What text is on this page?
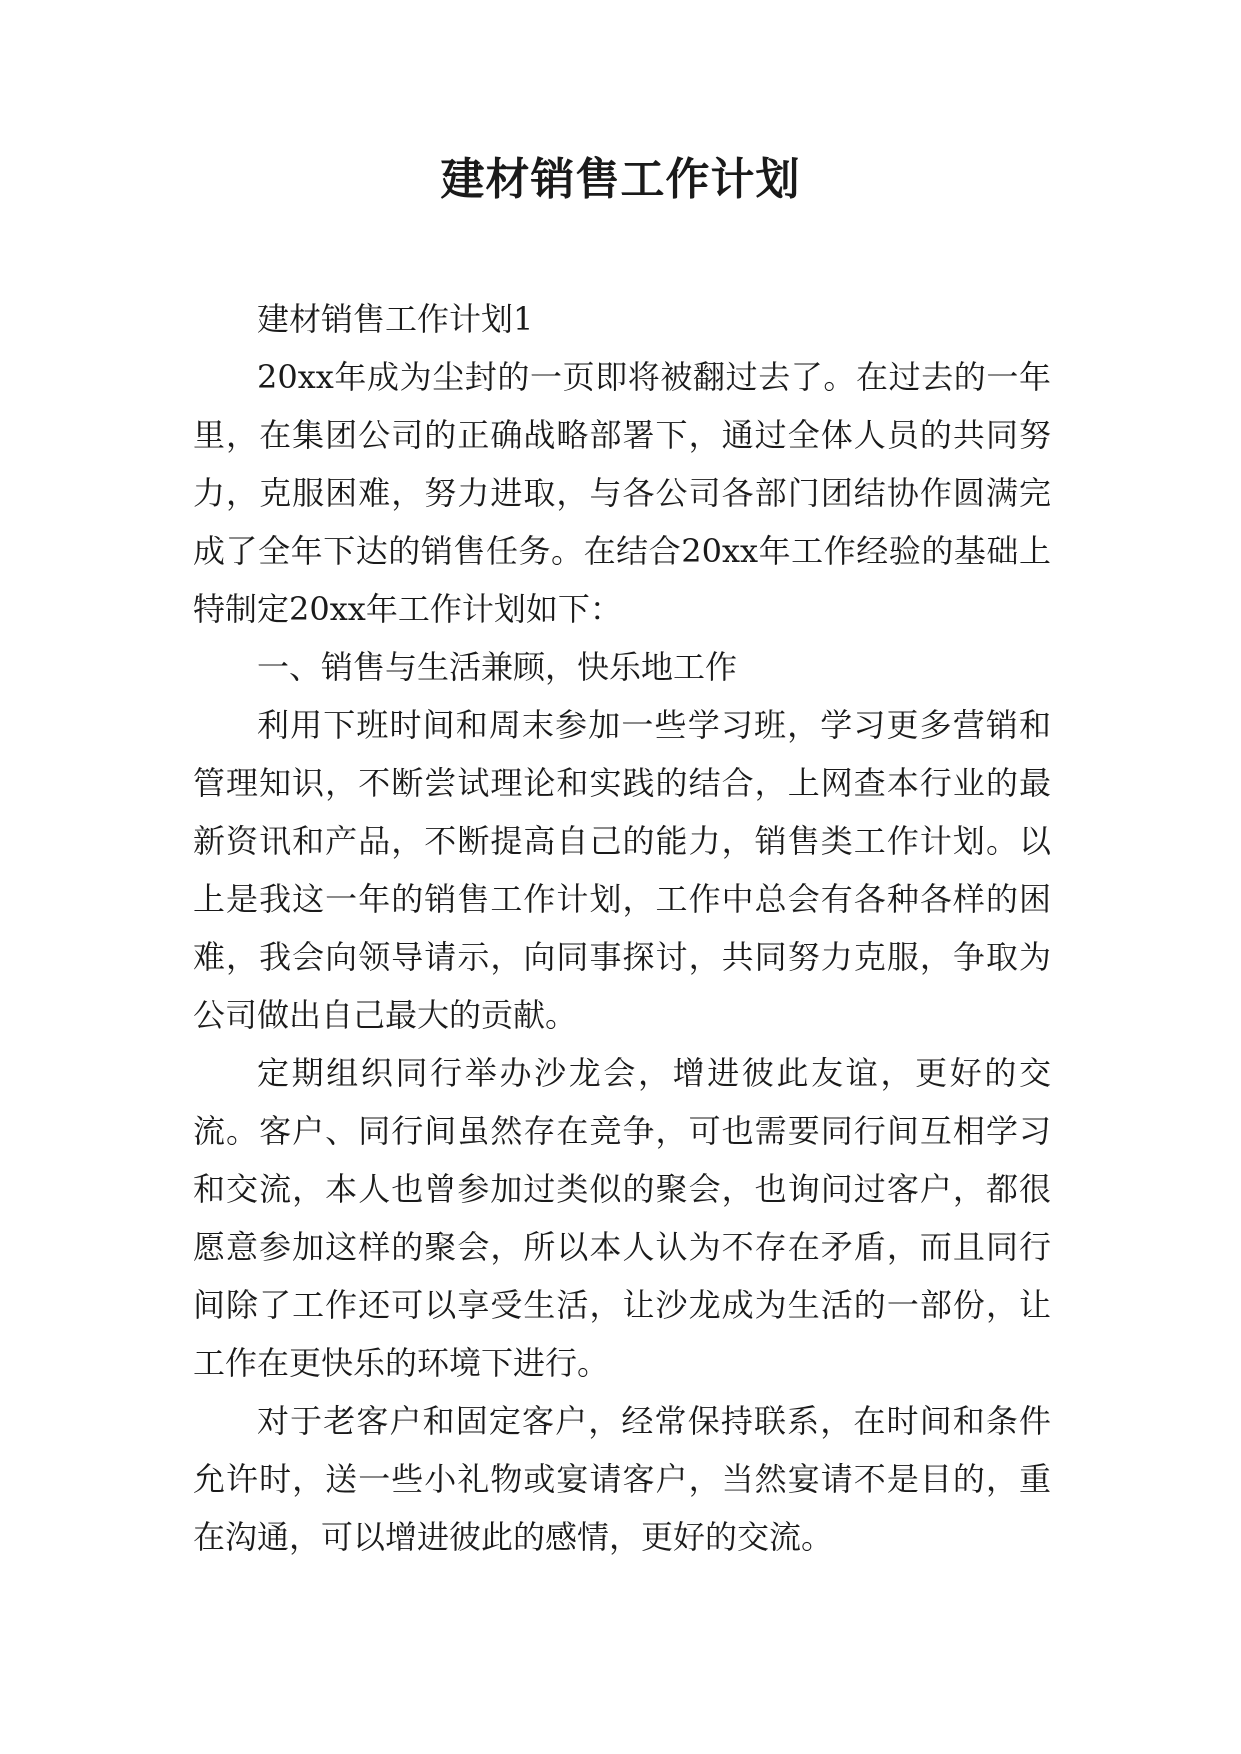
建材销售工作计划

建材销售工作计划1

20xx年成为尘封的一页即将被翻过去了。在过去的一年里，在集团公司的正确战略部署下，通过全体人员的共同努力，克服困难，努力进取，与各公司各部门团结协作圆满完成了全年下达的销售任务。在结合20xx年工作经验的基础上特制定20xx年工作计划如下：

一、销售与生活兼顾，快乐地工作

利用下班时间和周末参加一些学习班，学习更多营销和管理知识，不断尝试理论和实践的结合，上网查本行业的最新资讯和产品，不断提高自己的能力，销售类工作计划。以上是我这一年的销售工作计划，工作中总会有各种各样的困难，我会向领导请示，向同事探讨，共同努力克服，争取为公司做出自己最大的贡献。

定期组织同行举办沙龙会，增进彼此友谊，更好的交流。客户、同行间虽然存在竞争，可也需要同行间互相学习和交流，本人也曾参加过类似的聚会，也询问过客户，都很愿意参加这样的聚会，所以本人认为不存在矛盾，而且同行间除了工作还可以享受生活，让沙龙成为生活的一部份，让工作在更快乐的环境下进行。

对于老客户和固定客户，经常保持联系，在时间和条件允许时，送一些小礼物或宴请客户，当然宴请不是目的，重在沟通，可以增进彼此的感情，更好的交流。
